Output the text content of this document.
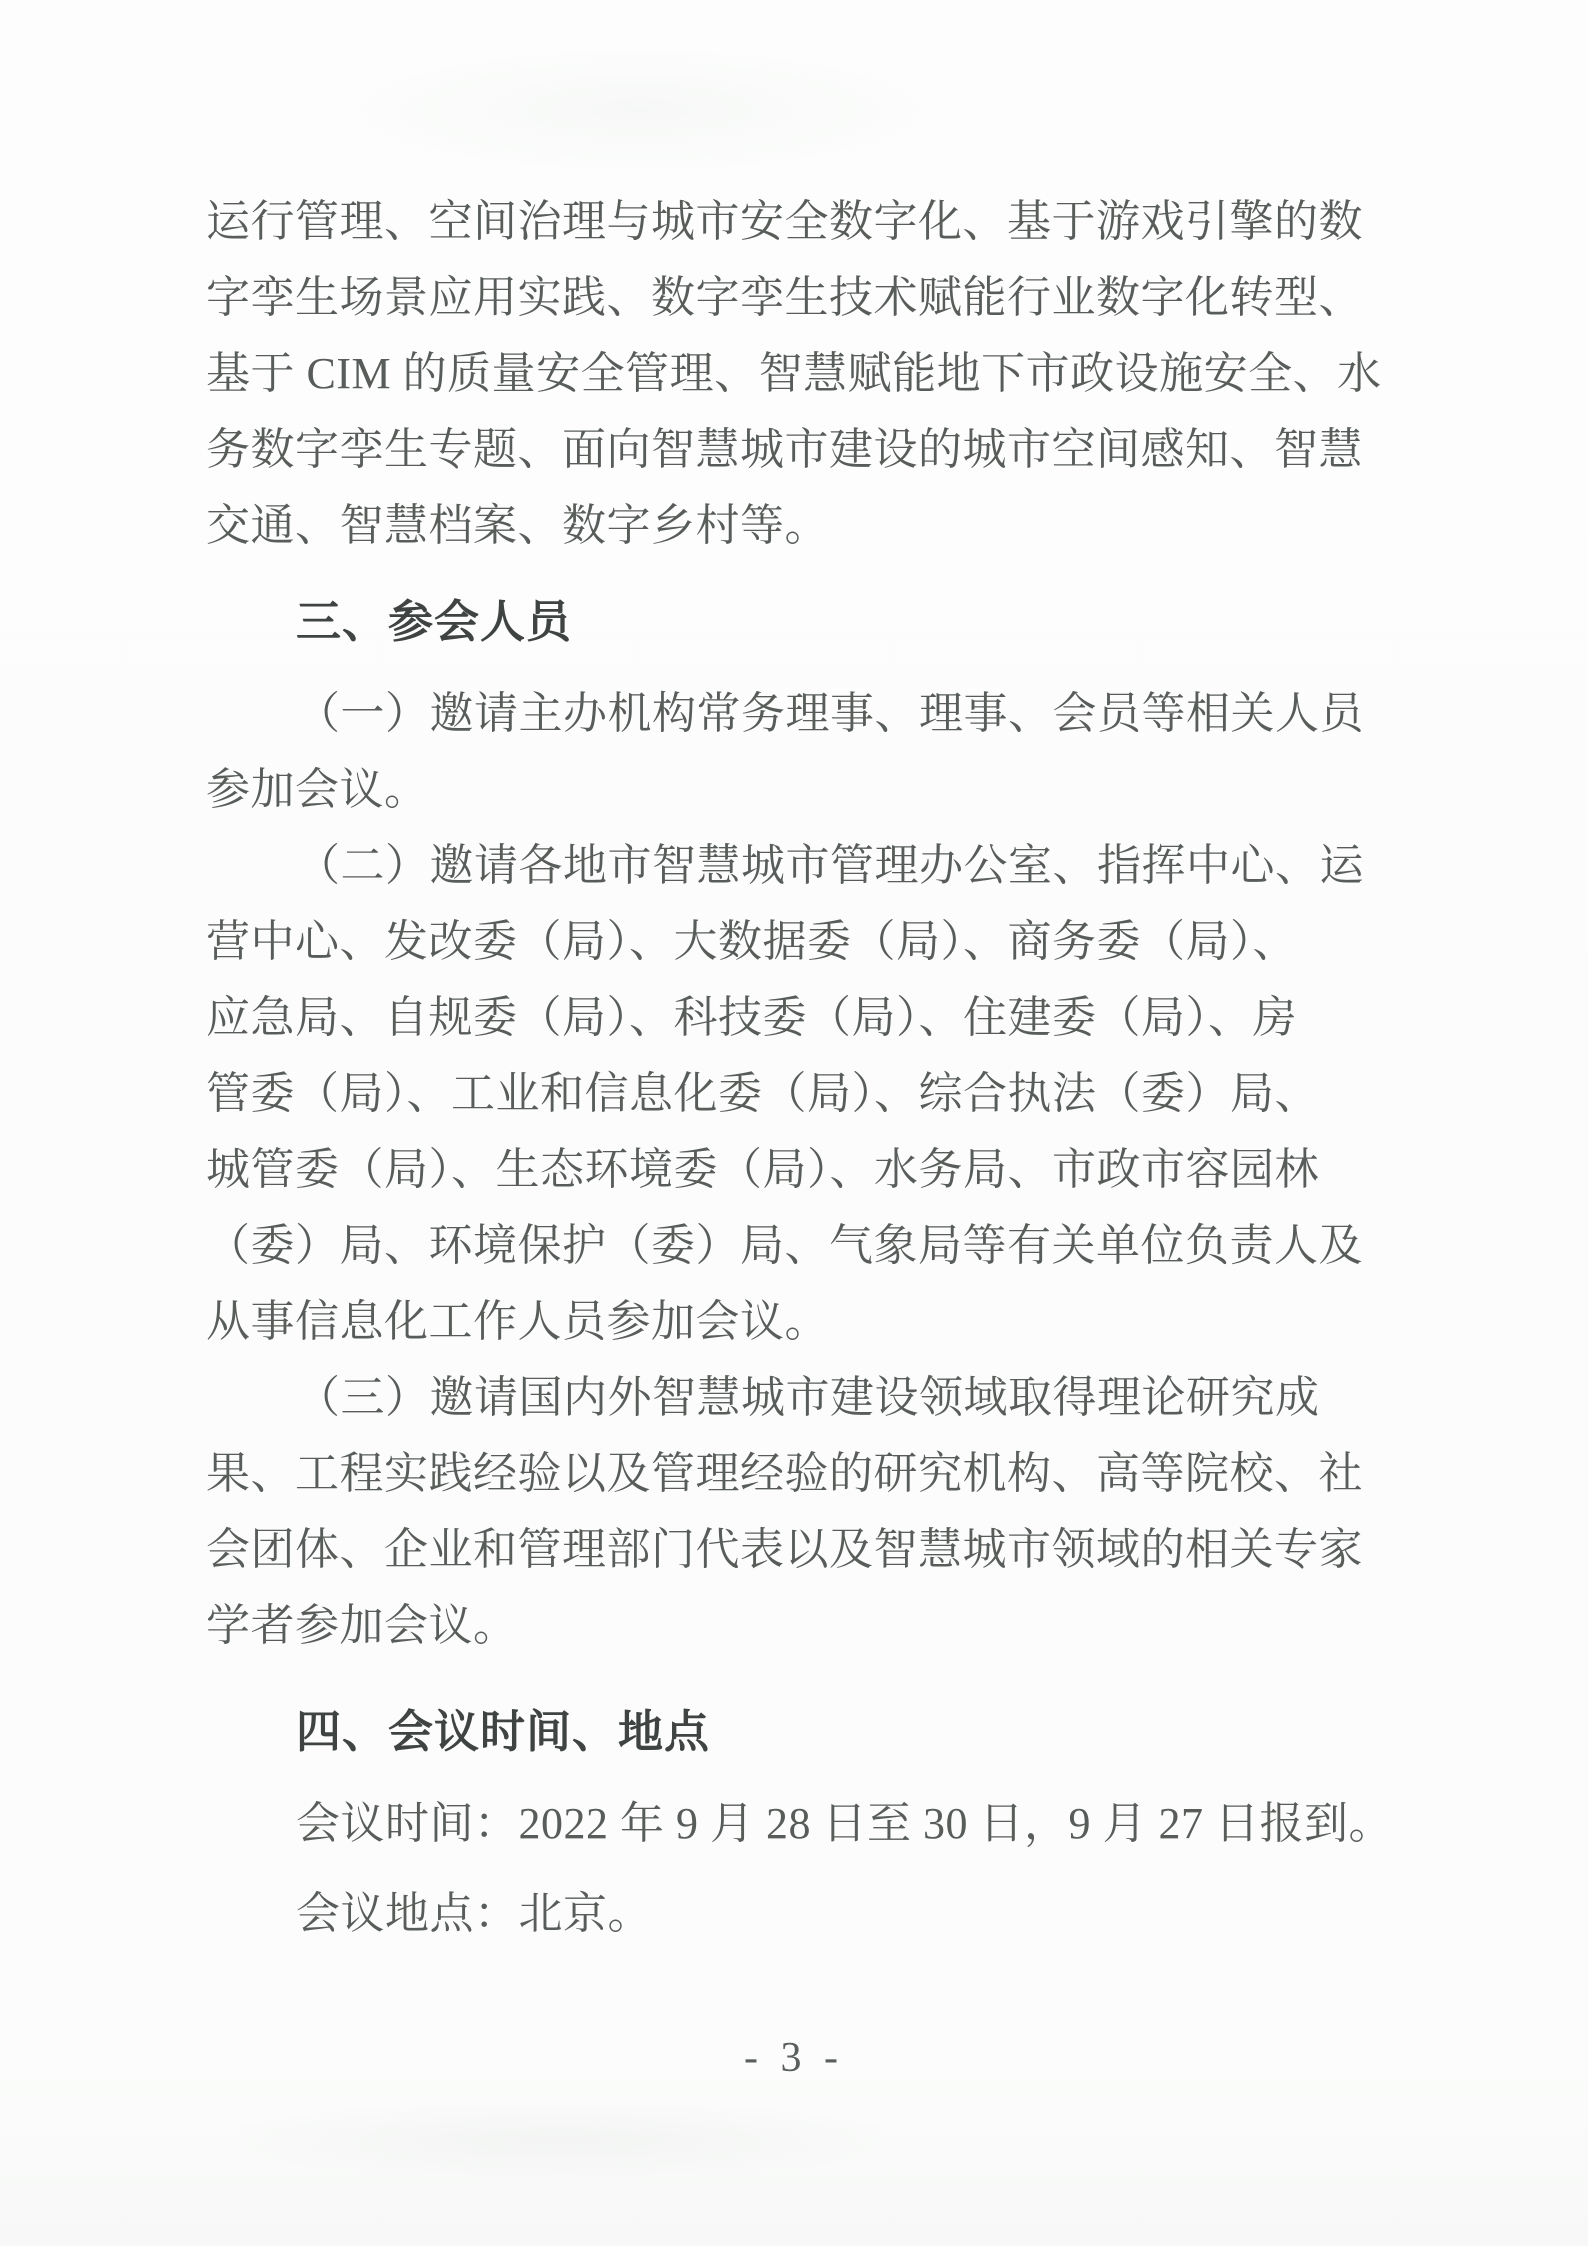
运行管理、空间治理与城市安全数字化、基于游戏引擎的数

字孪生场景应用实践、数字孪生技术赋能行业数字化转型、

基于 CIM 的质量安全管理、智慧赋能地下市政设施安全、水

务数字孪生专题、面向智慧城市建设的城市空间感知、智慧

交通、智慧档案、数字乡村等。

三、参会人员

（一）邀请主办机构常务理事、理事、会员等相关人员

参加会议。

（二）邀请各地市智慧城市管理办公室、指挥中心、运

营中心、发改委（局）、大数据委（局）、商务委（局）、

应急局、自规委（局）、科技委（局）、住建委（局）、房

管委（局）、工业和信息化委（局）、综合执法（委）局、

城管委（局）、生态环境委（局）、水务局、市政市容园林

（委）局、环境保护（委）局、气象局等有关单位负责人及

从事信息化工作人员参加会议。

（三）邀请国内外智慧城市建设领域取得理论研究成

果、工程实践经验以及管理经验的研究机构、高等院校、社

会团体、企业和管理部门代表以及智慧城市领域的相关专家

学者参加会议。

四、会议时间、地点

会议时间：2022 年 9 月 28 日至 30 日，9 月 27 日报到。

会议地点：北京。

- 3 -
